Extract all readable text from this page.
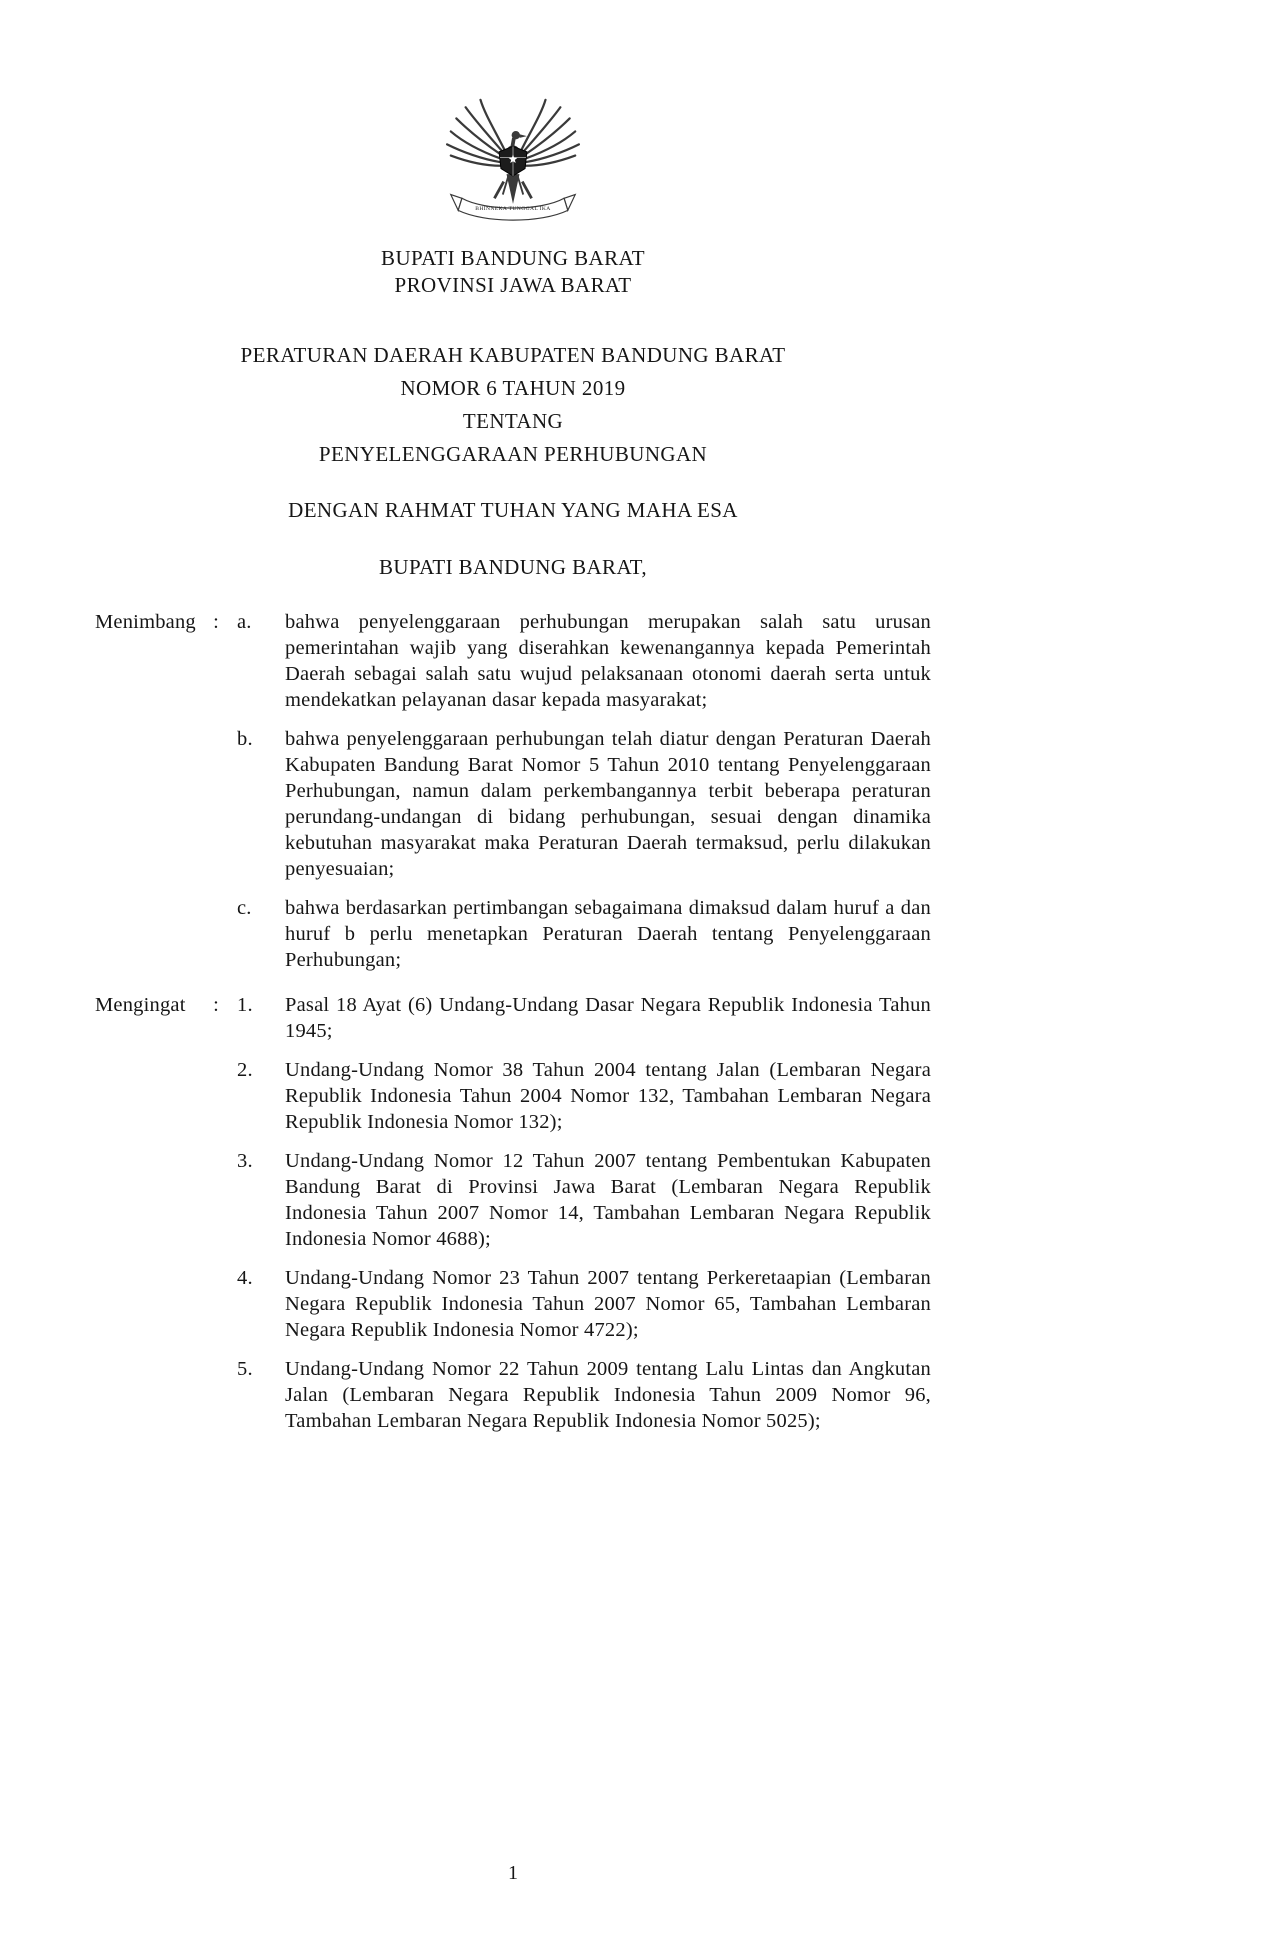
BHINNEKA TUNGGAL IKA
BUPATI BANDUNG BARAT
PROVINSI JAWA BARAT
PERATURAN DAERAH KABUPATEN BANDUNG BARAT
NOMOR 6 TAHUN 2019
TENTANG
PENYELENGGARAAN PERHUBUNGAN
DENGAN RAHMAT TUHAN YANG MAHA ESA
BUPATI BANDUNG BARAT,
Menimbang : a.	bahwa penyelenggaraan perhubungan merupakan salah satu urusan pemerintahan wajib yang diserahkan kewenangannya kepada Pemerintah Daerah sebagai salah satu wujud pelaksanaan otonomi daerah serta untuk mendekatkan pelayanan dasar kepada masyarakat;
b.	bahwa penyelenggaraan perhubungan telah diatur dengan Peraturan Daerah Kabupaten Bandung Barat Nomor 5 Tahun 2010 tentang Penyelenggaraan Perhubungan, namun dalam perkembangannya terbit beberapa peraturan perundang-undangan di bidang perhubungan, sesuai dengan dinamika kebutuhan masyarakat maka Peraturan Daerah termaksud, perlu dilakukan penyesuaian;
c.	bahwa berdasarkan pertimbangan sebagaimana dimaksud dalam huruf a dan huruf b perlu menetapkan Peraturan Daerah tentang Penyelenggaraan Perhubungan;
Mengingat : 1.	Pasal 18 Ayat (6) Undang-Undang Dasar Negara Republik Indonesia Tahun 1945;
2.	Undang-Undang Nomor 38 Tahun 2004 tentang Jalan (Lembaran Negara Republik Indonesia Tahun 2004 Nomor 132, Tambahan Lembaran Negara Republik Indonesia Nomor 132);
3.	Undang-Undang Nomor 12 Tahun 2007 tentang Pembentukan Kabupaten Bandung Barat di Provinsi Jawa Barat (Lembaran Negara Republik Indonesia Tahun 2007 Nomor 14, Tambahan Lembaran Negara Republik Indonesia Nomor 4688);
4.	Undang-Undang Nomor 23 Tahun 2007 tentang Perkeretaapian (Lembaran Negara Republik Indonesia Tahun 2007 Nomor 65, Tambahan Lembaran Negara Republik Indonesia Nomor 4722);
5.	Undang-Undang Nomor 22 Tahun 2009 tentang Lalu Lintas dan Angkutan Jalan (Lembaran Negara Republik Indonesia Tahun 2009 Nomor 96, Tambahan Lembaran Negara Republik Indonesia Nomor 5025);
1
